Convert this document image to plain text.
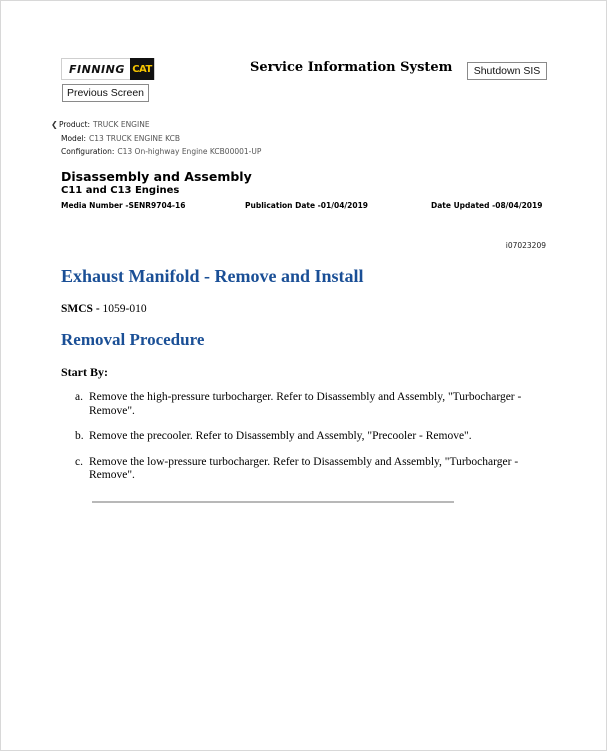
FINNING CAT	Service Information System	Shutdown SIS
Previous Screen
❮ Product: TRUCK ENGINE
Model: C13 TRUCK ENGINE KCB
Configuration: C13 On-highway Engine KCB00001-UP
Disassembly and Assembly
C11 and C13 Engines
Media Number -SENR9704-16	Publication Date -01/04/2019	Date Updated -08/04/2019
i07023209
Exhaust Manifold - Remove and Install
SMCS - 1059-010
Removal Procedure
Start By:
a. Remove the high-pressure turbocharger. Refer to Disassembly and Assembly, "Turbocharger - Remove".
b. Remove the precooler. Refer to Disassembly and Assembly, "Precooler - Remove".
c. Remove the low-pressure turbocharger. Refer to Disassembly and Assembly, "Turbocharger - Remove".
